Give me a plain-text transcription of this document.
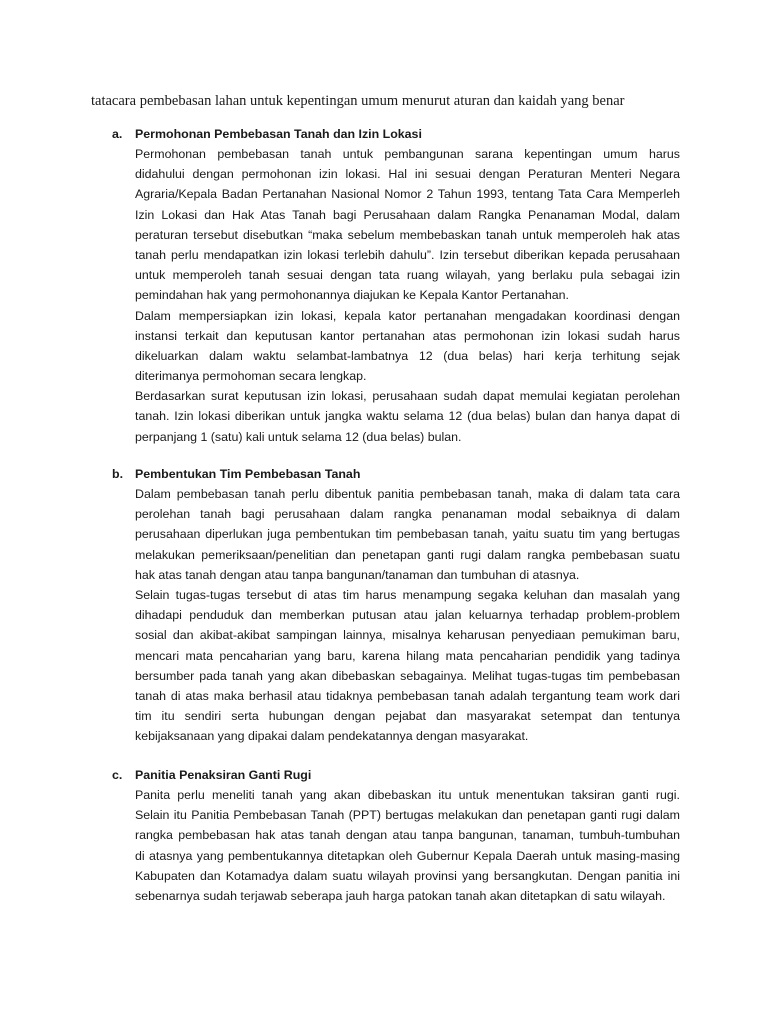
tatacara pembebasan lahan untuk kepentingan umum menurut aturan dan kaidah yang benar
a. Permohonan Pembebasan Tanah dan Izin Lokasi
Permohonan pembebasan tanah untuk pembangunan sarana kepentingan umum harus
didahului dengan permohonan izin lokasi. Hal ini sesuai dengan Peraturan Menteri Negara
Agraria/Kepala Badan Pertanahan Nasional Nomor 2 Tahun 1993, tentang Tata Cara Memperleh
Izin Lokasi dan Hak Atas Tanah bagi Perusahaan dalam Rangka Penanaman Modal, dalam
peraturan tersebut disebutkan “maka sebelum membebaskan tanah untuk memperoleh hak atas
tanah perlu mendapatkan izin lokasi terlebih dahulu”. Izin tersebut diberikan kepada perusahaan
untuk memperoleh tanah sesuai dengan tata ruang wilayah, yang berlaku pula sebagai izin
pemindahan hak yang permohonannya diajukan ke Kepala Kantor Pertanahan.
Dalam mempersiapkan izin lokasi, kepala kator pertanahan mengadakan koordinasi dengan
instansi terkait dan keputusan kantor pertanahan atas permohonan izin lokasi sudah harus
dikeluarkan dalam waktu selambat-lambatnya 12 (dua belas) hari kerja terhitung sejak
diterimanya permohoman secara lengkap.
Berdasarkan surat keputusan izin lokasi, perusahaan sudah dapat memulai kegiatan perolehan
tanah. Izin lokasi diberikan untuk jangka waktu selama 12 (dua belas) bulan dan hanya dapat di
perpanjang 1 (satu) kali untuk selama 12 (dua belas) bulan.
b. Pembentukan Tim Pembebasan Tanah
Dalam pembebasan tanah perlu dibentuk panitia pembebasan tanah, maka di dalam tata cara
perolehan tanah bagi perusahaan dalam rangka penanaman modal sebaiknya di dalam
perusahaan diperlukan juga pembentukan tim pembebasan tanah, yaitu suatu tim yang bertugas
melakukan pemeriksaan/penelitian dan penetapan ganti rugi dalam rangka pembebasan suatu
hak atas tanah dengan atau tanpa bangunan/tanaman dan tumbuhan di atasnya.
Selain tugas-tugas tersebut di atas tim harus menampung segaka keluhan dan masalah yang
dihadapi penduduk dan memberkan putusan atau jalan keluarnya terhadap problem-problem
sosial dan akibat-akibat sampingan lainnya, misalnya keharusan penyediaan pemukiman baru,
mencari mata pencaharian yang baru, karena hilang mata pencaharian pendidik yang tadinya
bersumber pada tanah yang akan dibebaskan sebagainya. Melihat tugas-tugas tim pembebasan
tanah di atas maka berhasil atau tidaknya pembebasan tanah adalah tergantung team work dari
tim itu sendiri serta hubungan dengan pejabat dan masyarakat setempat dan tentunya
kebijaksanaan yang dipakai dalam pendekatannya dengan masyarakat.
c. Panitia Penaksiran Ganti Rugi
Panita perlu meneliti tanah yang akan dibebaskan itu untuk menentukan taksiran ganti rugi.
Selain itu Panitia Pembebasan Tanah (PPT) bertugas melakukan dan penetapan ganti rugi dalam
rangka pembebasan hak atas tanah dengan atau tanpa bangunan, tanaman, tumbuh-tumbuhan
di atasnya yang pembentukannya ditetapkan oleh Gubernur Kepala Daerah untuk masing-masing
Kabupaten dan Kotamadya dalam suatu wilayah provinsi yang bersangkutan. Dengan panitia ini
sebenarnya sudah terjawab seberapa jauh harga patokan tanah akan ditetapkan di satu wilayah.
